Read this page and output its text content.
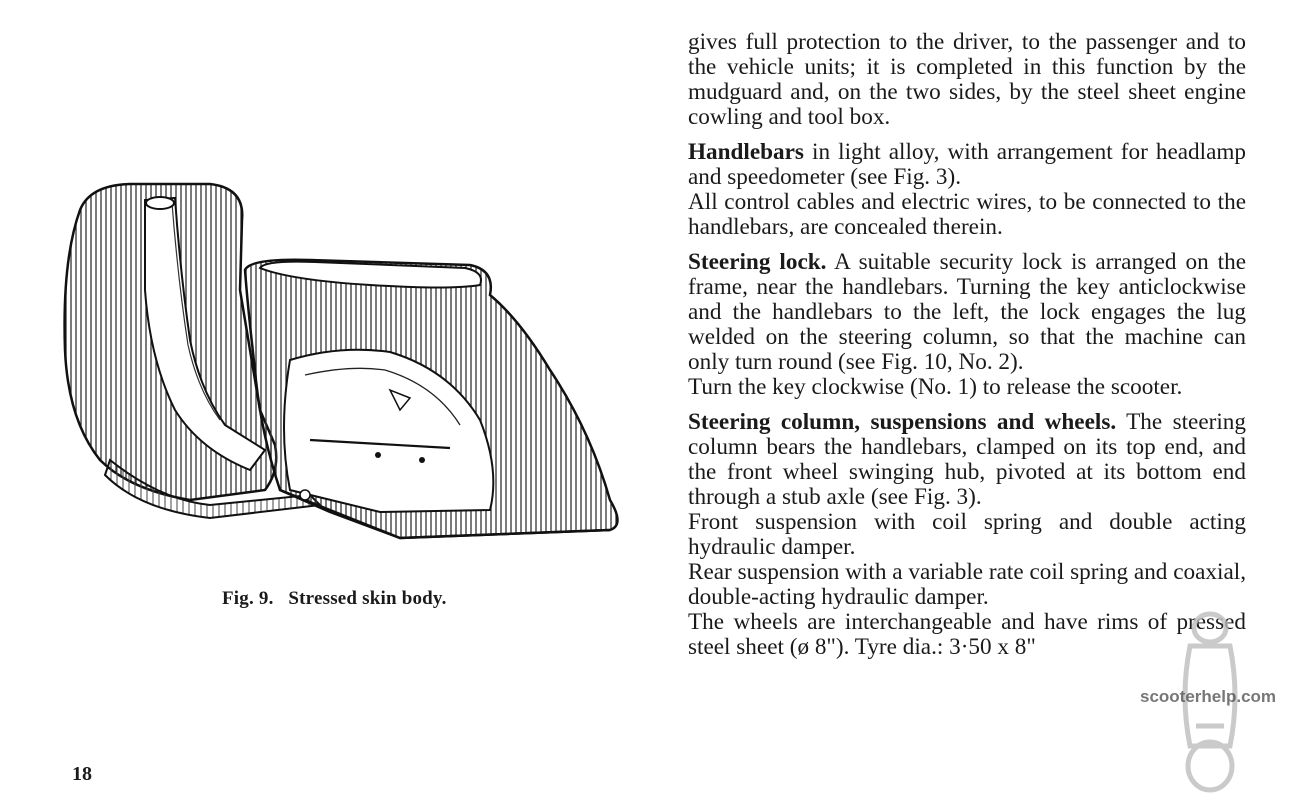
Fig. 9.   Stressed skin body.
18

gives full protection to the driver, to the passenger and to the vehicle units; it is completed in this function by the mudguard and, on the two sides, by the steel sheet engine cowling and tool box.

Handlebars in light alloy, with arrangement for headlamp and speedometer (see Fig. 3).

All control cables and electric wires, to be connected to the handlebars, are concealed therein.

Steering lock. A suitable security lock is arranged on the frame, near the handlebars. Turning the key anticlockwise and the handlebars to the left, the lock engages the lug welded on the steering column, so that the machine can only turn round (see Fig. 10, No. 2).

Turn the key clockwise (No. 1) to release the scooter.

Steering column, suspensions and wheels. The steering column bears the handlebars, clamped on its top end, and the front wheel swinging hub, pivoted at its bottom end through a stub axle (see Fig. 3).

Front suspension with coil spring and double acting hydraulic damper.

Rear suspension with a variable rate coil spring and coaxial, double-acting hydraulic damper.

The wheels are interchangeable and have rims of pressed steel sheet (ø 8"). Tyre dia.: 3·50 x 8"

scooterhelp.com
